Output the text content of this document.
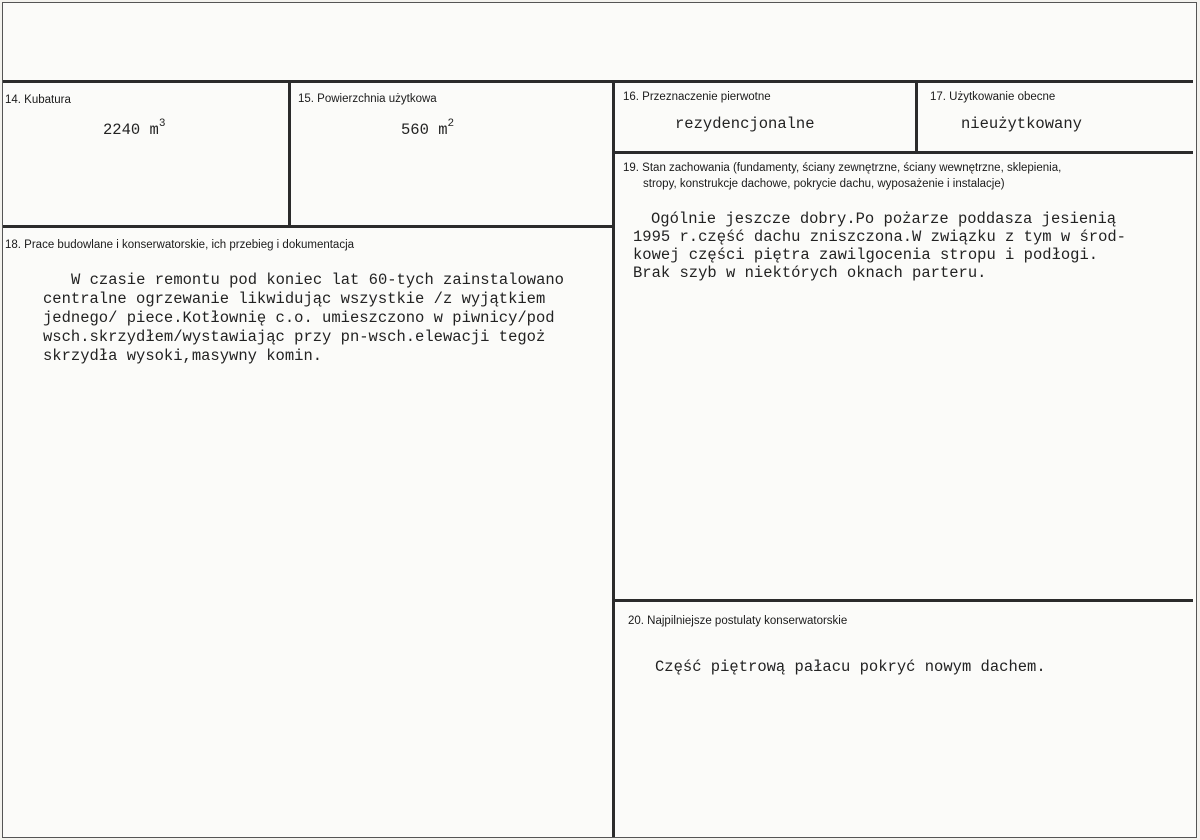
14. Kubatura
2240 $m^3$
15. Powierzchnia użytkowa
560 $m^2$
16. Przeznaczenie pierwotne
rezydencjonalne
17. Użytkowanie obecne
nieużytkowany
18. Prace budowlane i konserwatorskie, ich przebieg i dokumentacja
W czasie remontu pod koniec lat 60-tych zainstalowano
centralne ogrzewanie likwidując wszystkie /z wyjątkiem
jednego/ piece.Kotłownię c.o. umieszczono w piwnicy/pod
wsch.skrzydłem/wystawiając przy pn-wsch.elewacji tegoż
skrzydła wysoki,masywny komin.
19. Stan zachowania (fundamenty, ściany zewnętrzne, ściany wewnętrzne, sklepienia,
stropy, konstrukcje dachowe, pokrycie dachu, wyposażenie i instalacje)
Ogólnie jeszcze dobry.Po pożarze poddasza jesienią
1995 r.część dachu zniszczona.W związku z tym w środ-
kowej części piętra zawilgocenia stropu i podłogi.
Brak szyb w niektórych oknach parteru.
20. Najpilniejsze postulaty konserwatorskie
Część piętrową pałacu pokryć nowym dachem.
